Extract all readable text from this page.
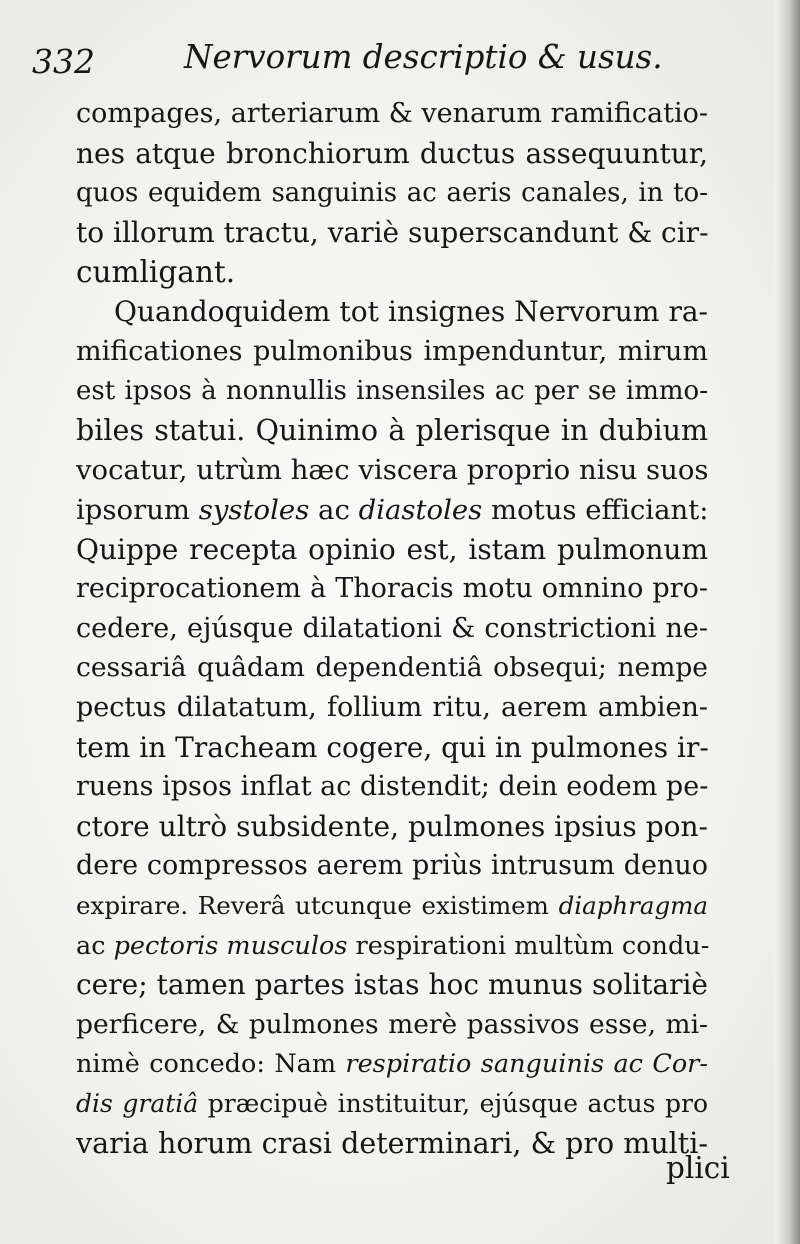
332	Nervorum descriptio & usus.
compages, arteriarum & venarum ramificatio-
nes atque bronchiorum ductus assequuntur,
quos equidem sanguinis ac aeris canales, in to-
to illorum tractu, variè superscandunt & cir-
cumligant.
Quandoquidem tot insignes Nervorum ra-
mificationes pulmonibus impenduntur, mirum
est ipsos à nonnullis insensiles ac per se immo-
biles statui. Quinimo à plerisque in dubium
vocatur, utrùm hæc viscera proprio nisu suos
ipsorum systoles ac diastoles motus efficiant:
Quippe recepta opinio est, istam pulmonum
reciprocationem à Thoracis motu omnino pro-
cedere, ejúsque dilatationi & constrictioni ne-
cessariâ quâdam dependentiâ obsequi; nempe
pectus dilatatum, follium ritu, aerem ambien-
tem in Tracheam cogere, qui in pulmones ir-
ruens ipsos inflat ac distendit; dein eodem pe-
ctore ultrò subsidente, pulmones ipsius pon-
dere compressos aerem priùs intrusum denuo
expirare. Reverâ utcunque existimem diaphragma
ac pectoris musculos respirationi multùm condu-
cere; tamen partes istas hoc munus solitariè
perficere, & pulmones merè passivos esse, mi-
nimè concedo: Nam respiratio sanguinis ac Cor-
dis gratiâ præcipuè instituitur, ejúsque actus pro
varia horum crasi determinari, & pro multi-
plici
